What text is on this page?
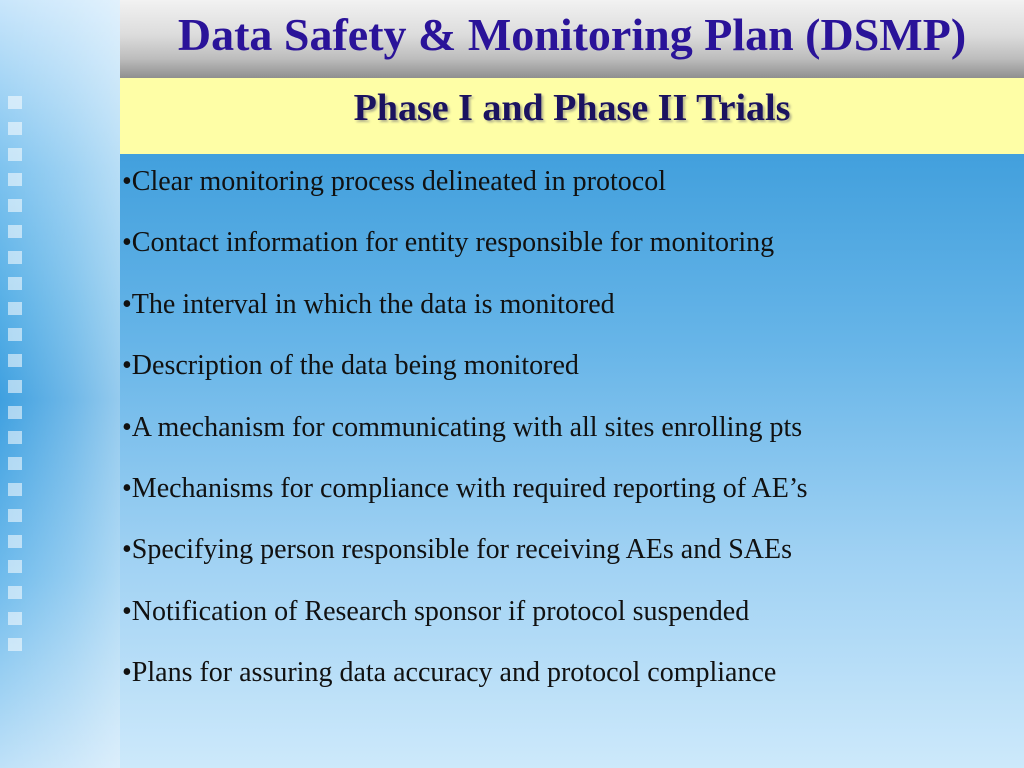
Data Safety & Monitoring Plan (DSMP)
Phase I and Phase II Trials
•Clear monitoring process delineated in protocol
•Contact information for entity responsible for monitoring
•The interval in which the data is monitored
•Description of the data being monitored
•A mechanism for communicating with all sites enrolling pts
•Mechanisms for compliance with required reporting of AE’s
•Specifying person responsible for receiving AEs and SAEs
•Notification of Research sponsor if protocol suspended
•Plans for assuring data accuracy and protocol compliance
